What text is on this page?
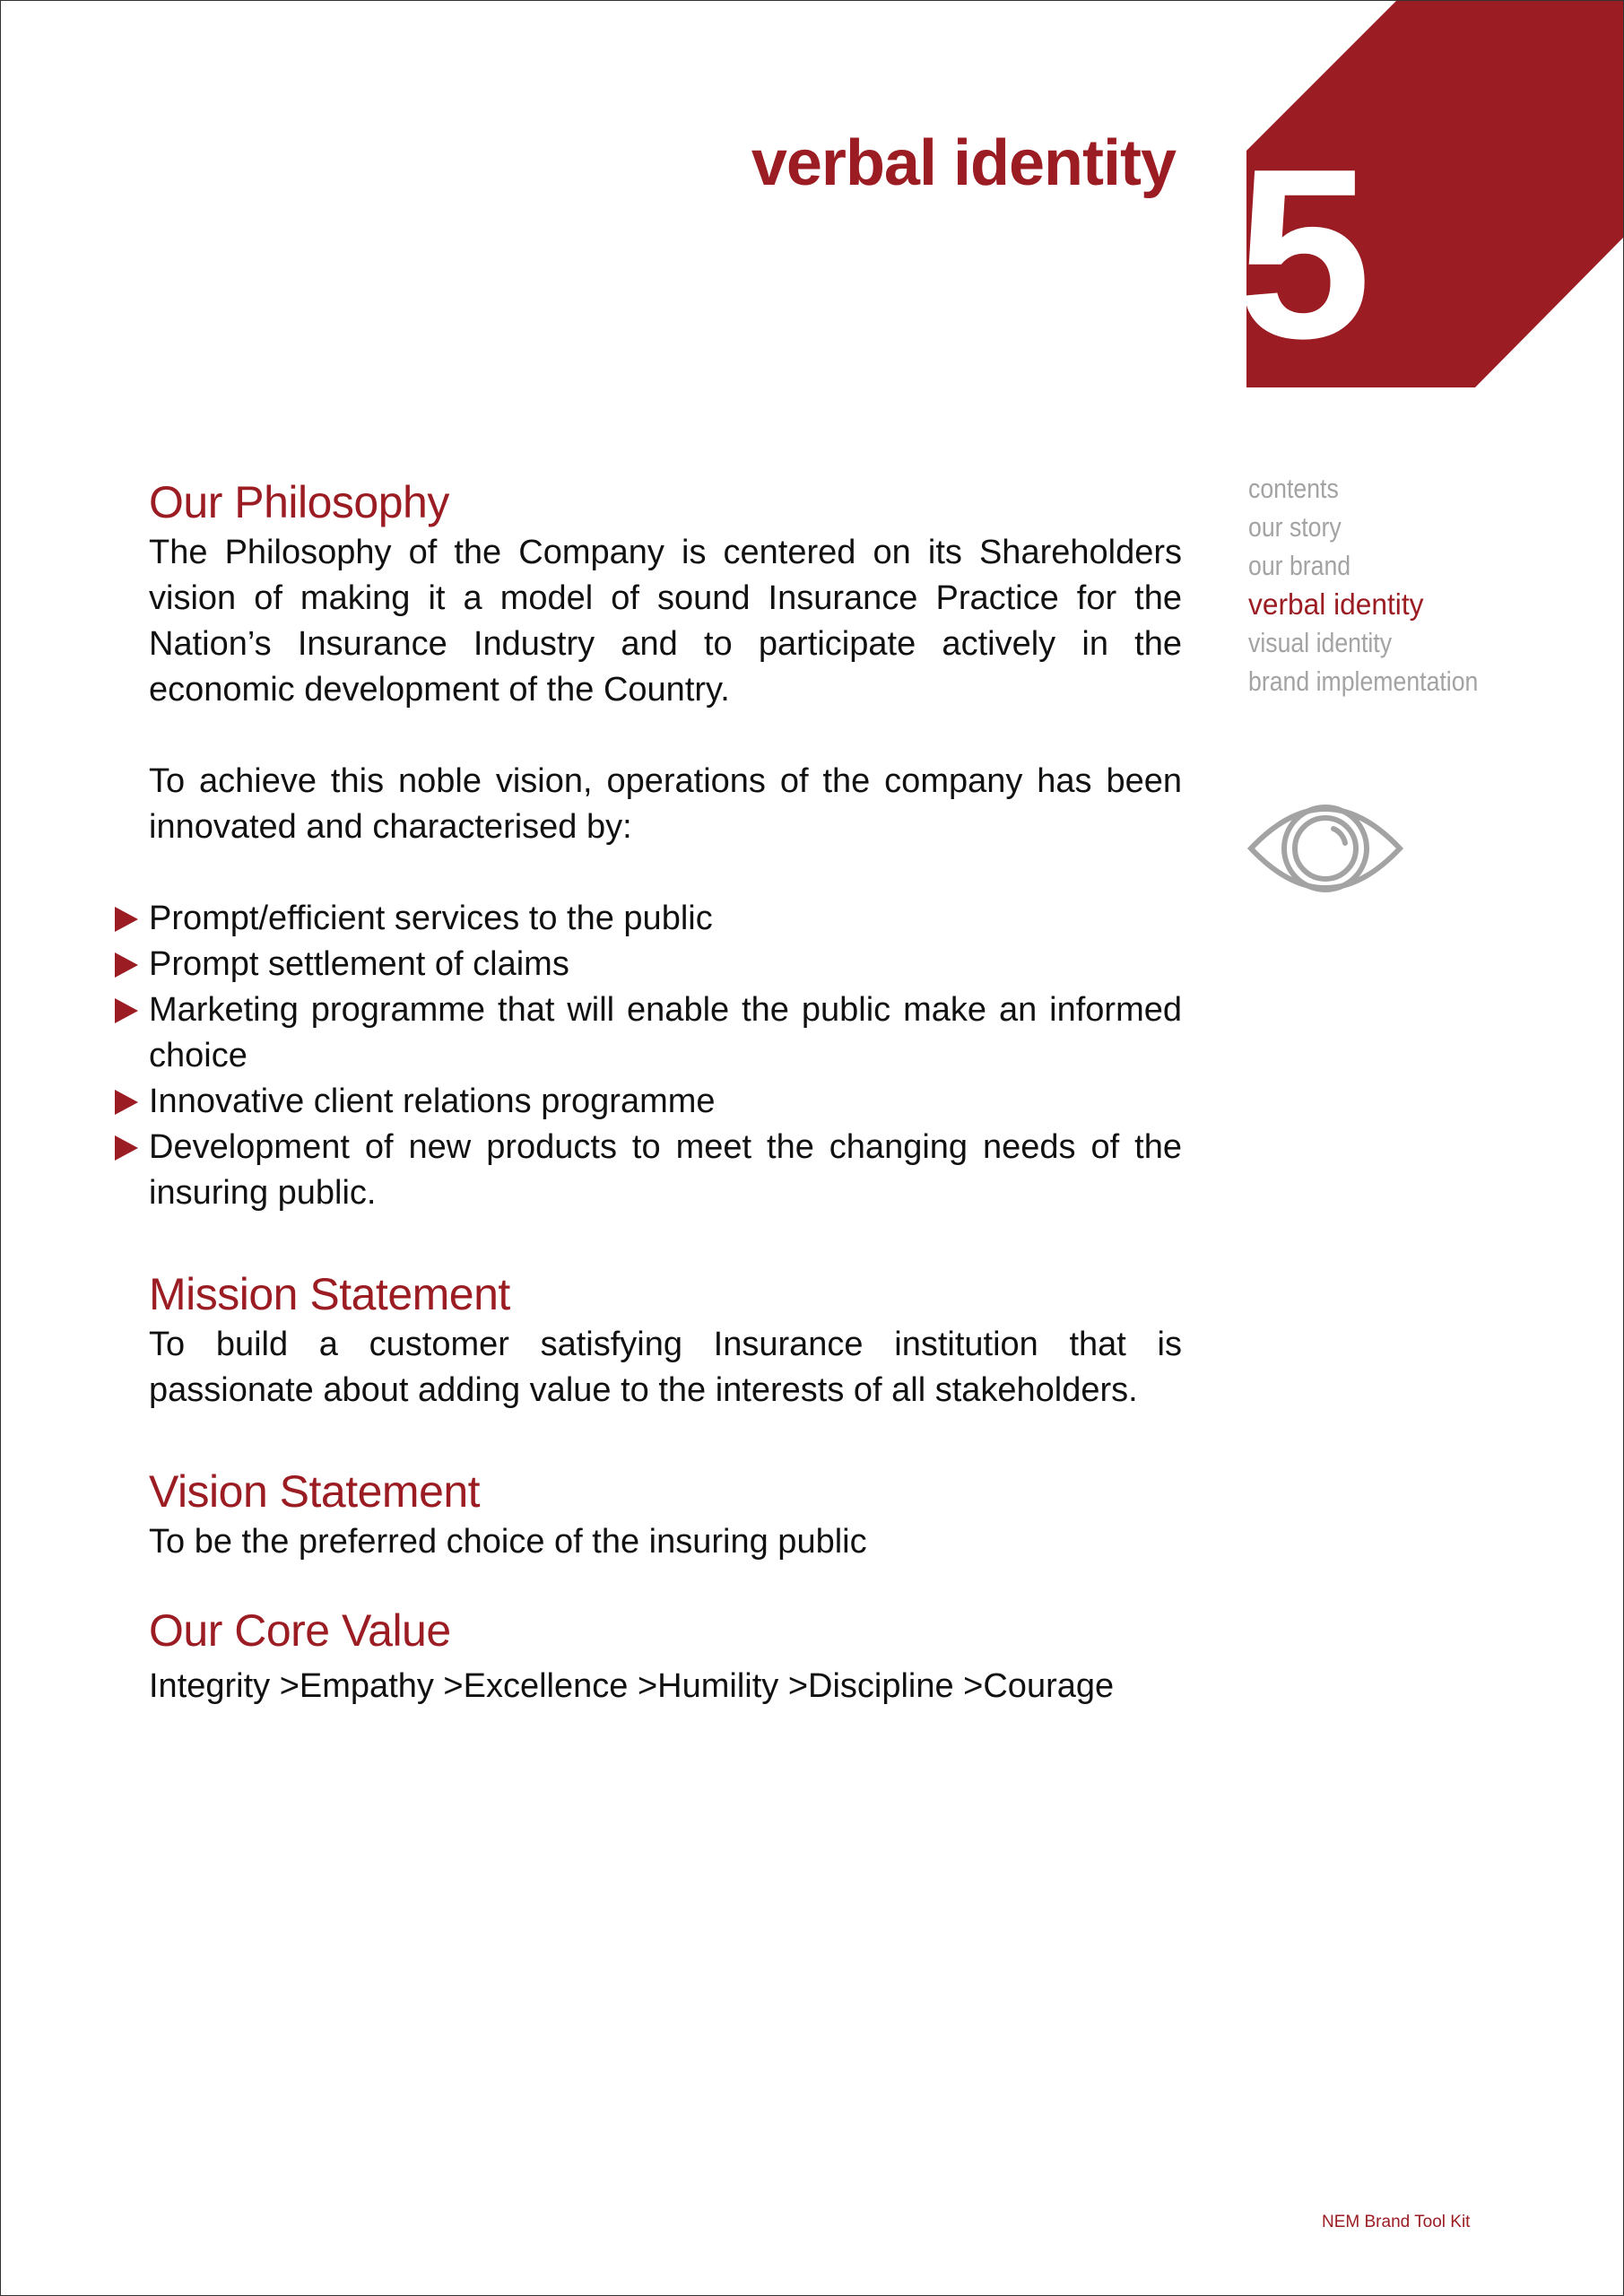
5
verbal identity
contents
our story
our brand
verbal identity
visual identity
brand implementation
Our Philosophy

The Philosophy of the Company is centered on its Shareholders vision of making it a model of sound Insurance Practice for the Nation’s Insurance Industry and to participate actively in the economic development of the Country.

To achieve this noble vision, operations of the company has been innovated and characterised by:

Prompt/efficient services to the public
Prompt settlement of claims
Marketing programme that will enable the public make an informed choice
Innovative client relations programme
Development of new products to meet the changing needs of the insuring public.
Mission Statement

To build a customer satisfying Insurance institution that is passionate about adding value to the interests of all stakeholders.

Vision Statement

To be the preferred choice of the insuring public

Our Core Value
Integrity >Empathy >Excellence >Humility >Discipline >Courage
NEM Brand Tool Kit
